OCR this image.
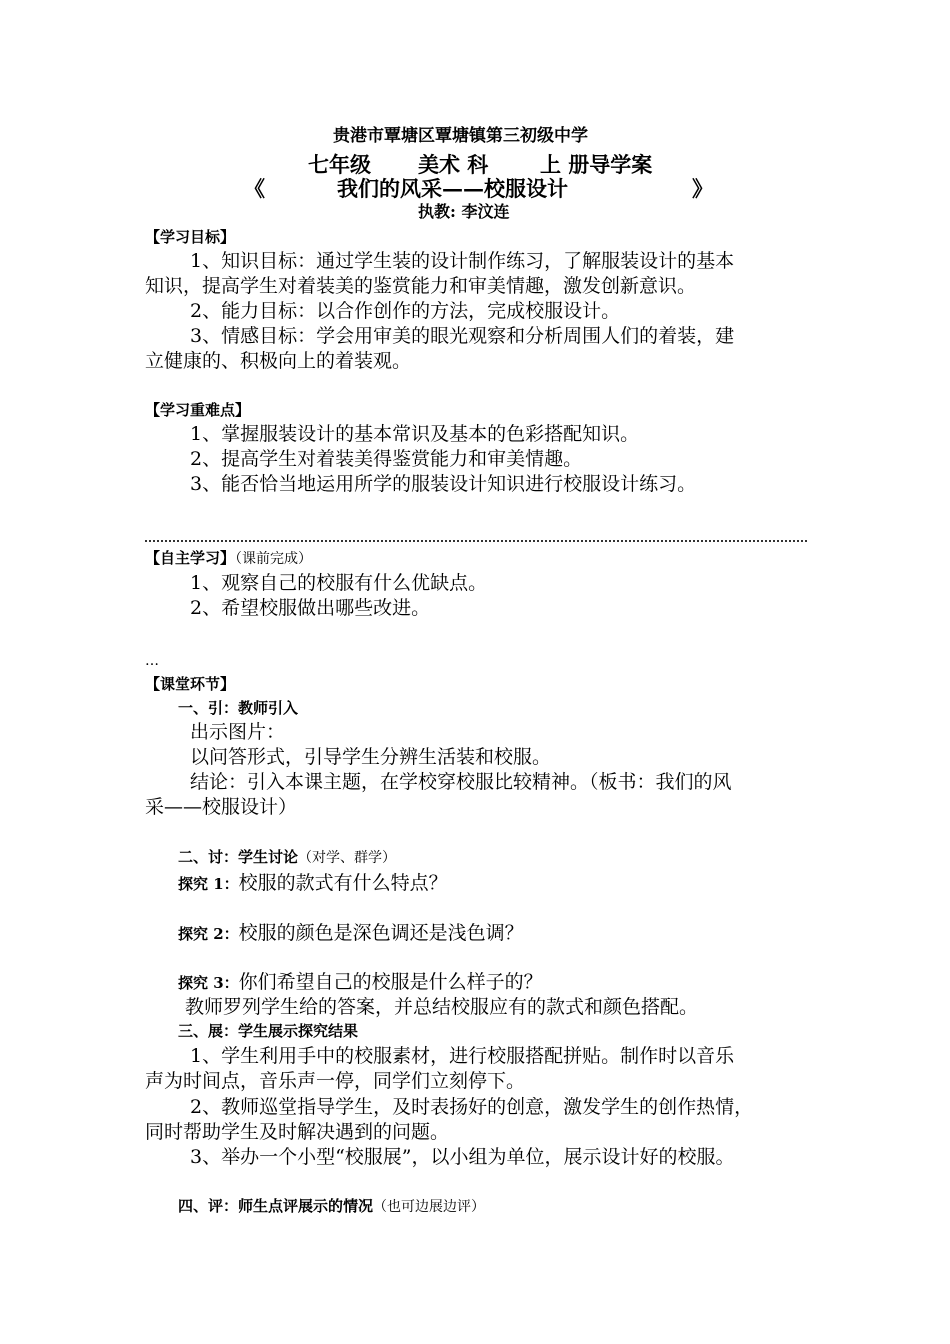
贵港市覃塘区覃塘镇第三初级中学
七年级 美术 科 上 册导学案
《	我们的风采——校服设计	》
执教: 李汶连
【学习目标】
1、知识目标：通过学生装的设计制作练习，了解服装设计的基本
知识，提高学生对着装美的鉴赏能力和审美情趣，激发创新意识。
2、能力目标：以合作创作的方法，完成校服设计。
3、情感目标：学会用审美的眼光观察和分析周围人们的着装，建
立健康的、积极向上的着装观。
【学习重难点】
1、掌握服装设计的基本常识及基本的色彩搭配知识。
2、提高学生对着装美得鉴赏能力和审美情趣。
3、能否恰当地运用所学的服装设计知识进行校服设计练习。
【自主学习】（课前完成）
1、观察自己的校服有什么优缺点。
2、希望校服做出哪些改进。
…
【课堂环节】
一、引：教师引入
出示图片：
以问答形式，引导学生分辨生活装和校服。
结论：引入本课主题，在学校穿校服比较精神。（板书：我们的风
采——校服设计）
二、讨：学生讨论（对学、群学）
探究 1：校服的款式有什么特点？
探究 2：校服的颜色是深色调还是浅色调？
探究 3：你们希望自己的校服是什么样子的？
教师罗列学生给的答案，并总结校服应有的款式和颜色搭配。
三、展：学生展示探究结果
1、学生利用手中的校服素材，进行校服搭配拼贴。制作时以音乐
声为时间点，音乐声一停，同学们立刻停下。
2、教师巡堂指导学生，及时表扬好的创意，激发学生的创作热情，
同时帮助学生及时解决遇到的问题。
3、举办一个小型“校服展”，以小组为单位，展示设计好的校服。
四、评：师生点评展示的情况（也可边展边评）
